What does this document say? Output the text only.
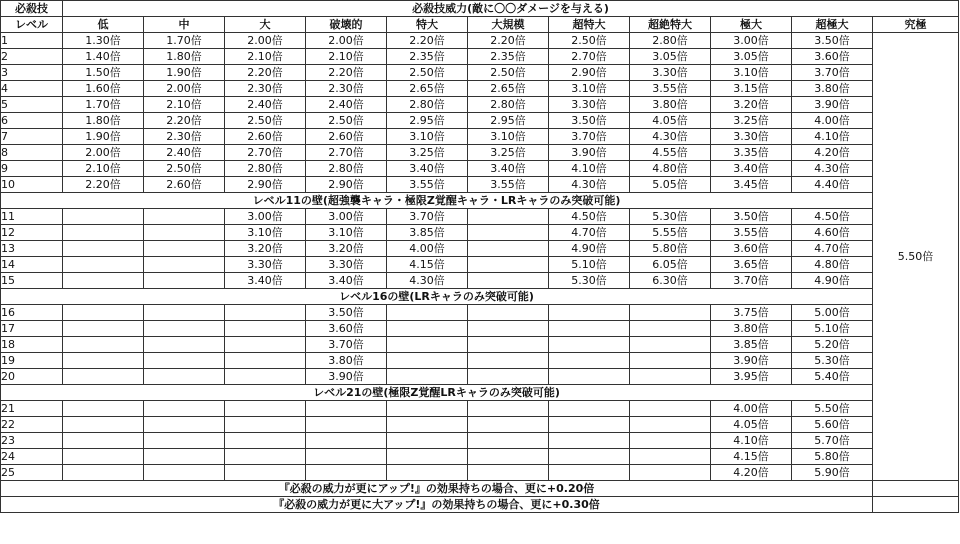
必殺技	必殺技威力(敵に〇〇ダメージを与える)										
レベル	低	中	大	破壊的	特大	大規模	超特大	超絶特大	極大	超極大	究極
1	1.30倍	1.70倍	2.00倍	2.00倍	2.20倍	2.20倍	2.50倍	2.80倍	3.00倍	3.50倍	5.50倍
2	1.40倍	1.80倍	2.10倍	2.10倍	2.35倍	2.35倍	2.70倍	3.05倍	3.05倍	3.60倍	
3	1.50倍	1.90倍	2.20倍	2.20倍	2.50倍	2.50倍	2.90倍	3.30倍	3.10倍	3.70倍	
4	1.60倍	2.00倍	2.30倍	2.30倍	2.65倍	2.65倍	3.10倍	3.55倍	3.15倍	3.80倍	
5	1.70倍	2.10倍	2.40倍	2.40倍	2.80倍	2.80倍	3.30倍	3.80倍	3.20倍	3.90倍	
6	1.80倍	2.20倍	2.50倍	2.50倍	2.95倍	2.95倍	3.50倍	4.05倍	3.25倍	4.00倍	
7	1.90倍	2.30倍	2.60倍	2.60倍	3.10倍	3.10倍	3.70倍	4.30倍	3.30倍	4.10倍	
8	2.00倍	2.40倍	2.70倍	2.70倍	3.25倍	3.25倍	3.90倍	4.55倍	3.35倍	4.20倍	
9	2.10倍	2.50倍	2.80倍	2.80倍	3.40倍	3.40倍	4.10倍	4.80倍	3.40倍	4.30倍	
10	2.20倍	2.60倍	2.90倍	2.90倍	3.55倍	3.55倍	4.30倍	5.05倍	3.45倍	4.40倍	
レベル11の壁(超強襲キャラ・極限Z覚醒キャラ・LRキャラのみ突破可能)											
11			3.00倍	3.00倍	3.70倍		4.50倍	5.30倍	3.50倍	4.50倍	
12			3.10倍	3.10倍	3.85倍		4.70倍	5.55倍	3.55倍	4.60倍	
13			3.20倍	3.20倍	4.00倍		4.90倍	5.80倍	3.60倍	4.70倍	
14			3.30倍	3.30倍	4.15倍		5.10倍	6.05倍	3.65倍	4.80倍	
15			3.40倍	3.40倍	4.30倍		5.30倍	6.30倍	3.70倍	4.90倍	
レベル16の壁(LRキャラのみ突破可能)											
16				3.50倍					3.75倍	5.00倍	
17				3.60倍					3.80倍	5.10倍	
18				3.70倍					3.85倍	5.20倍	
19				3.80倍					3.90倍	5.30倍	
20				3.90倍					3.95倍	5.40倍	
レベル21の壁(極限Z覚醒LRキャラのみ突破可能)											
21									4.00倍	5.50倍	
22									4.05倍	5.60倍	
23									4.10倍	5.70倍	
24									4.15倍	5.80倍	
25									4.20倍	5.90倍	
『必殺の威力が更にアップ!』の効果持ちの場合、更に+0.20倍											
『必殺の威力が更に大アップ!』の効果持ちの場合、更に+0.30倍											
